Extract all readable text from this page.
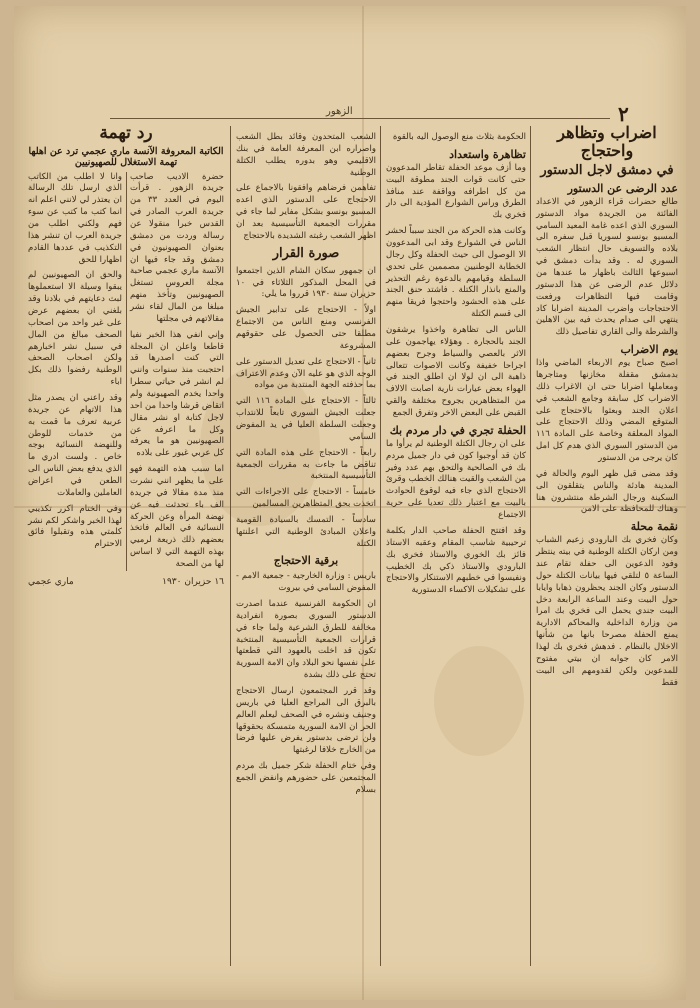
٢
الزهور
اضراب وتظاهر واحتجاج
في دمشق لاجل الدستور
عدد الرضى عن الدستور

طالع حضرات قراء الزهور في الاعداد الفائتة من الجريدة مواد الدستور السوري الذي اعده غامة المعيد السامي المسيو بونسو لسوريا قبل سفره الى بلاده والتسويف حال انتظار الشعب السوري له . وقد بدأت دمشق في اسبوعها الثالث باظهار ما عندها من دلائل عدم الرضى عن هذا الدستور وقامت فيها التظاهرات ورفعت الاحتجاجات واضرب المدينة اضرابا كاد ينتهي الى صدام يحدث فيه بين الاهلين والشرطة والى القاري تفاصيل ذلك

يوم الاضراب

اصبح صباح يوم الاربعاء الماضي واذا بدمشق مقفلة مخازنها ومتاجرها ومعاملها اضرابا حتى ان الاغراب ذلك الاضراب كل سابقة وجامع الشعب في اعلان الجند وبعثوا بالاحتجاج على المتوقع المضي وذلك الاحتجاج على المواد المعلقة وخاصة على المادة ١١٦ من الدستور السوري الذي هدم كل امل كان يرجى من الدستور

وقد مضى قبل ظهر اليوم والحالة في المدينة هادئة والناس يتقلقون الى السكينة ورجال الشرطة منتشرون هنا وهناك للمحافظة على الامن

نقمة محلة

وكان فخري بك البارودي زعيم الشباب ومن اركان الكتلة الوطنية في بيته ينتظر وفود الدعوين الى حفلة تقام عند الساعة ٥ لتلقي فيها بيانات الكتلة حول الدستور وكان الجند يحظرون ذهابا وايابا حول البيت وعند الساعة الرابعة دخل البيت جندي يحمل الى فخري بك امرا من وزارة الداخلية والمحاكم الادارية يمنع الحفلة مصرحا بانها من شأنها الاخلال بالنظام . فدهش فخري بك لهذا الامر كان جوابه ان بيتي مفتوح للمدعوين ولكن لقدومهم الى البيت فقط

الحكومة بثلاث منع الوصول اليه بالقوة

تظاهرة واستعداد

وما أزف موعد الحفلة تقاطر المدعوون حتى كانت قوات الجند مطوقة البيت من كل اطرافه وواقفة عند منافذ الطرق وراس الشوارع المؤدية الى دار فخري بك

وكانت هذه الحركة من الجند سبباً لحشر الناس في الشوارع وقد ابى المدعوون الا الوصول الى حيث الحفلة وكل رجال الخطابة الوطنيين مصممين على تحدي السلطة وقيامهم بالدعوة رغم التحذير والمنع بانذار الكتلة . فاشتد حنق الجند على هذه الحشود واحتجوا فريقا منهم الى قسم الكتلة

الناس الى تظاهرة واخذوا يرشقون الجند بالحجارة . وهؤلاء يهاجمون على الاثر بالعصي والسياط وجرح بعضهم اجراحا خفيفة وكانت الاصوات تتعالى ذاهبة الى ان لولا ان اطلق الجند في الهواء بعض عيارات نارية اصابت الالاف من المتظاهرين بجروح مختلفة والقي القبض على البعض الاخر وتفرق الجمع

الحفلة تجري في دار مردم بك

على ان رجال الكتلة الوطنية لم يرأوا ما كان قد أوجبوا كون في دار جميل مردم بك في الصالحية والتحق بهم عدد وفير من الشعب والقيت هنالك الخطب وقرئ الاحتجاج الذي جاء فيه لوقوع الحوادث بالبيت مع اعتبار ذلك تعديا على حرية الاجتماع

وقد افتتح الحفلة صاحب الدار بكلمة ترحيبية شاسب المقام وعقبه الاستاذ فائز بك الخوري والاستاذ فخري بك البارودي والاستاذ ذكي بك الخطيب ونفيسوا في خطبهم الاستنكار والاحتجاج على تشكيلات الاكساء الدستورية

الشعب المتحدون وقائد بطل الشعب واصراره ابن المعرفة العامة في بنك الاقليمي وهو بدوره يطلب الكتلة الوطنية

تفاهمن فرضاهم وافقونا بالاجماع على الاحتجاج على الدستور الذي اعده المسيو بونسو بشكل مفاير لما جاء في مقررات الجمعية التأسيسية بعد ان اظهر الشعب رغبته الشديدة بالاحتجاج

صورة القرار

ان جمهور سكان الشام الذين اجتمعوا في المحل المذكور الثلاثاء في ١٠ حزيران سنة ١٩٣٠ قرروا ما يلي:

اولاً - الاحتجاج على تدابير الجيش الفرنسي ومنع الناس من الاجتماع مطلقا حتى الحصول على حقوقهم المشروعة

ثانياً - الاحتجاج على تعديل الدستور على الوجه الذي هو عليه الآن وعدم الاعتراف بما حذفته الجهة المنتدبة من مواده

ثالثاً - الاحتجاج على المادة ١١٦ التي جعلت الجيش السوري تابعاً للانتداب وجعلت السلطة العليا في يد المفوض السامي

رابعاً - الاحتجاج على هذه المادة التي تناقض ما جاءت به مقررات الجمعية التأسيسية المنتخبة

خامساً - الاحتجاج على الاجراءات التي اتخذت بحق المتظاهرين المسالمين

سادساً - التمسك بالسيادة القومية واعلان المبادئ الوطنية التي اعلنتها الكتلة

برقية الاحتجاج

باريس : وزارة الخارجية - جمعية الامم - المفوض السامي في بيروت

ان الحكومة الفرنسية عندما اصدرت الدستور السوري بصورة انفرادية مخالفة للطرق الشرعية ولما جاء في قرارات الجمعية التأسيسية المنتخبة تكون قد اخلت بالعهود التي قطعتها على نفسها نحو البلاد وان الامة السورية تحتج على ذلك بشدة

وقد قرر المجتمعون ارسال الاحتجاج بالبرق الى المراجع العليا في باريس وجنيف ونشره في الصحف ليعلم العالم الحر ان الامة السورية متمسكة بحقوقها ولن ترضى بدستور يفرض عليها فرضا من الخارج خلافا لرغبتها

وفي ختام الحفلة شكر جميل بك مردم المجتمعين على حضورهم وانفض الجمع بسلام

رد تهمة
الكاتبة المعروفة الآنسة ماري عجمي ترد عن اهلها تهمة الاستغلال للصهيونيين

حضرة الاديب صاحب جريدة الزهور . قرأت اليوم في العدد ٣٣ من جريدة العرب الصادر في القدس خبرا منقولا عن رسالة وردت من دمشق بعنوان الصهيونيون في دمشق وقد جاء فيها ان الآنسة ماري عجمي صاحبة مجلة العروس تستغل الصهيونيين وتأخذ منهم مبلغا من المال لقاء نشر مقالاتهم في مجلتها

وإني انفي هذا الخبر نفيا قاطعا واعلن ان المجلة التي كنت اصدرها قد احتجبت منذ سنوات وانني لم انشر في حياتي سطرا واحدا يخدم الصهيونية ولم اتقاض قرشا واحدا من احد لاجل كتابة او نشر مقال وكل ما اعرفه عن الصهيونيين هو ما يعرفه كل عربي غيور على بلاده

اما سبب هذه التهمة فهو على ما يظهر انني نشرت منذ مدة مقالا في جريدة الف باء تحدثت فيه عن نهضة المرأة وعن الحركة النسائية في العالم فاتخذ بعضهم ذلك ذريعة لرميي بهذه التهمة التي لا اساس لها من الصحة

وانا لا اطلب من الكاتب الذي ارسل تلك الرسالة ان يعتذر لي لانني اعلم انه انما كتب ما كتب عن سوء فهم ولكني اطلب من جريدة العرب ان تنشر هذا التكذيب في عددها القادم اظهارا للحق

والحق ان الصهيونيين لم يبقوا وسيلة الا استعملوها لبث دعايتهم في بلادنا وقد بلغني ان بعضهم عرض على غير واحد من اصحاب الصحف مبالغ من المال في سبيل نشر اخبارهم ولكن اصحاب الصحف الوطنية رفضوا ذلك بكل اباء

وقد راعني ان يصدر مثل هذا الاتهام عن جريدة عربية تعرف ما قمت به من خدمات للوطن وللنهضة النسائية بوجه خاص . ولست ادري ما الذي يدفع بعض الناس الى الطعن في اعراض العاملين والعاملات

وفي الختام اكرر تكذيبي لهذا الخبر واشكر لكم نشر كلمتي هذه وتقبلوا فائق الاحترام

١٦ حزيران ١٩٣٠
ماري عجمي
